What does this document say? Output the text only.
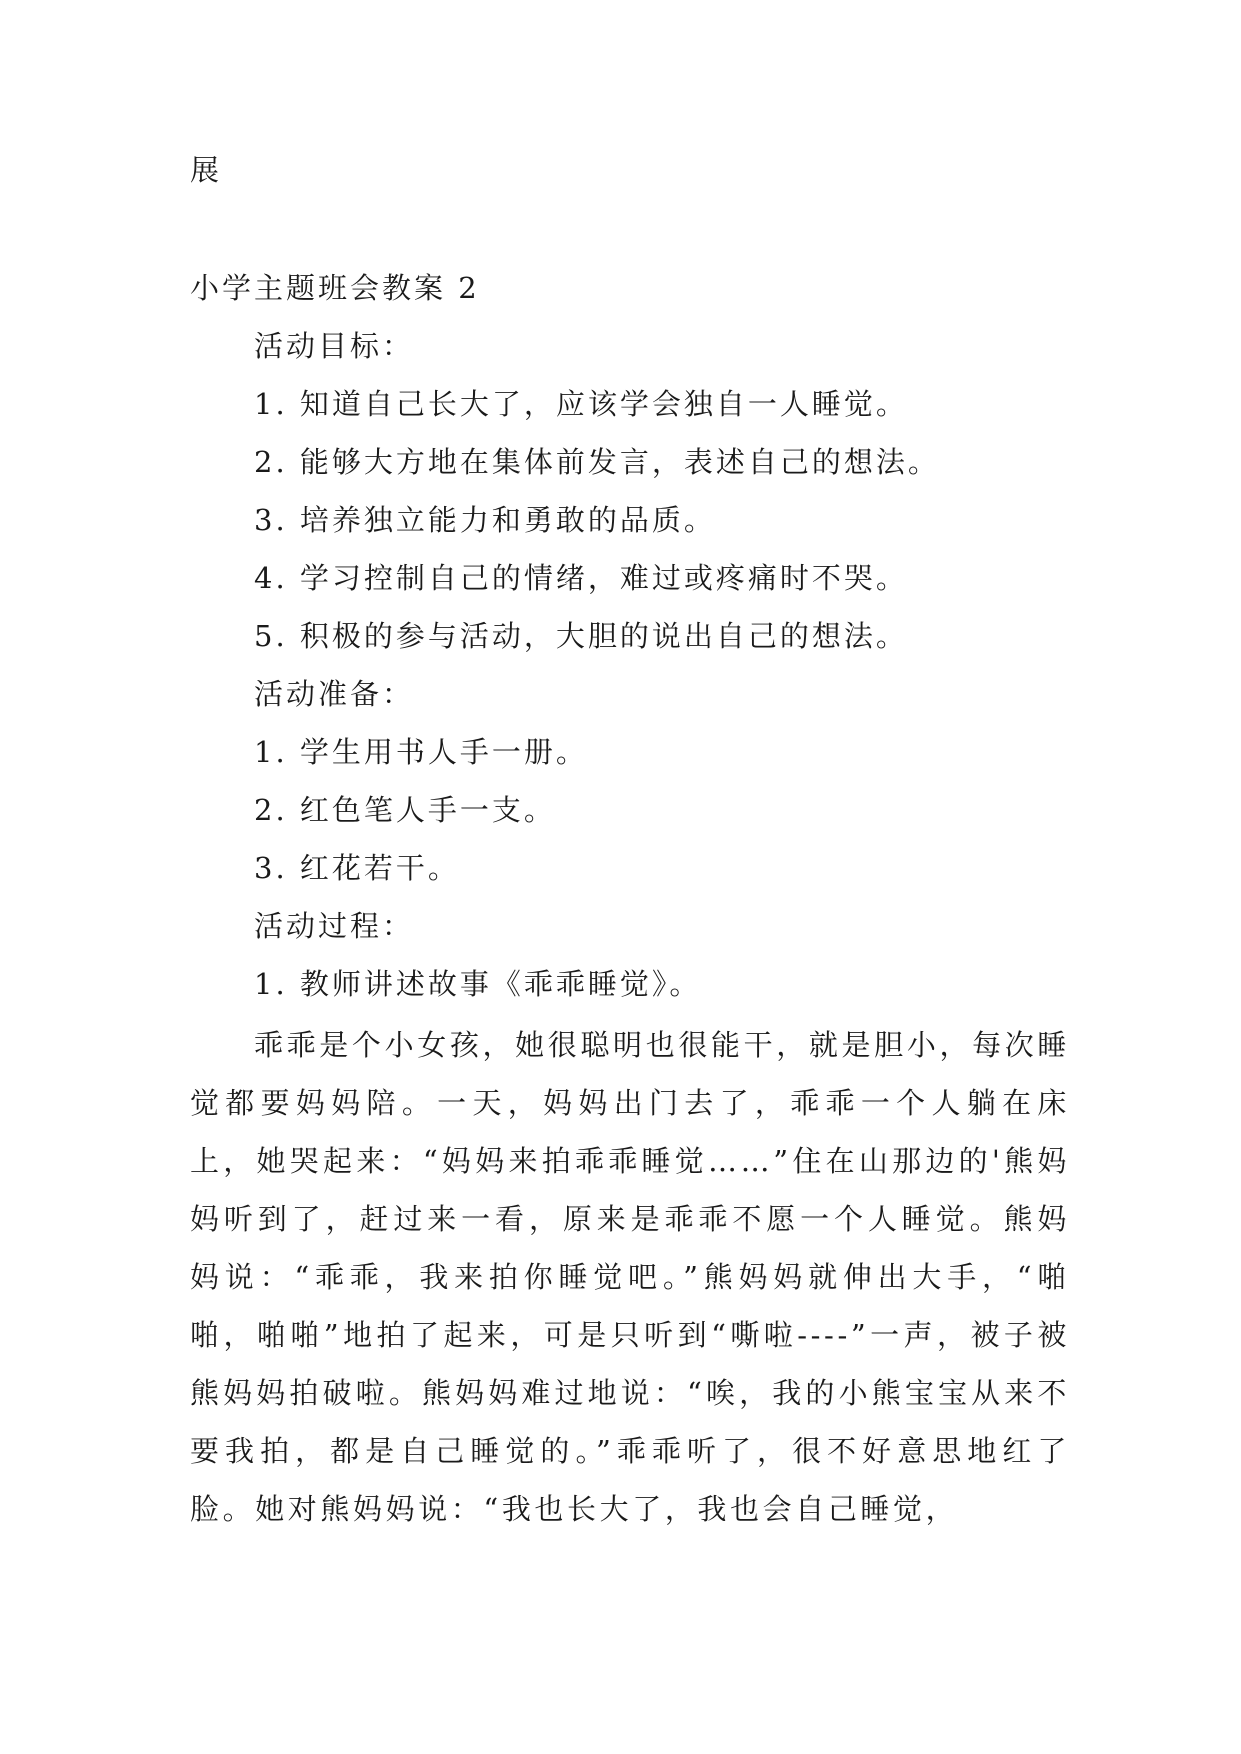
展
小学主题班会教案 2
活动目标：
1. 知道自己长大了，应该学会独自一人睡觉。
2. 能够大方地在集体前发言，表述自己的想法。
3. 培养独立能力和勇敢的品质。
4. 学习控制自己的情绪，难过或疼痛时不哭。
5. 积极的参与活动，大胆的说出自己的想法。
活动准备：
1. 学生用书人手一册。
2. 红色笔人手一支。
3. 红花若干。
活动过程：
1. 教师讲述故事《乖乖睡觉》。

乖乖是个小女孩，她很聪明也很能干，就是胆小，每次睡觉都要妈妈陪。一天，妈妈出门去了，乖乖一个人躺在床上，她哭起来：“妈妈来拍乖乖睡觉……”住在山那边的'熊妈妈听到了，赶过来一看，原来是乖乖不愿一个人睡觉。熊妈妈说：“乖乖，我来拍你睡觉吧。”熊妈妈就伸出大手，“啪啪，啪啪”地拍了起来，可是只听到“嘶啦----”一声，被子被熊妈妈拍破啦。熊妈妈难过地说：“唉，我的小熊宝宝从来不要我拍，都是自己睡觉的。”乖乖听了，很不好意思地红了脸。她对熊妈妈说：“我也长大了，我也会自己睡觉，
